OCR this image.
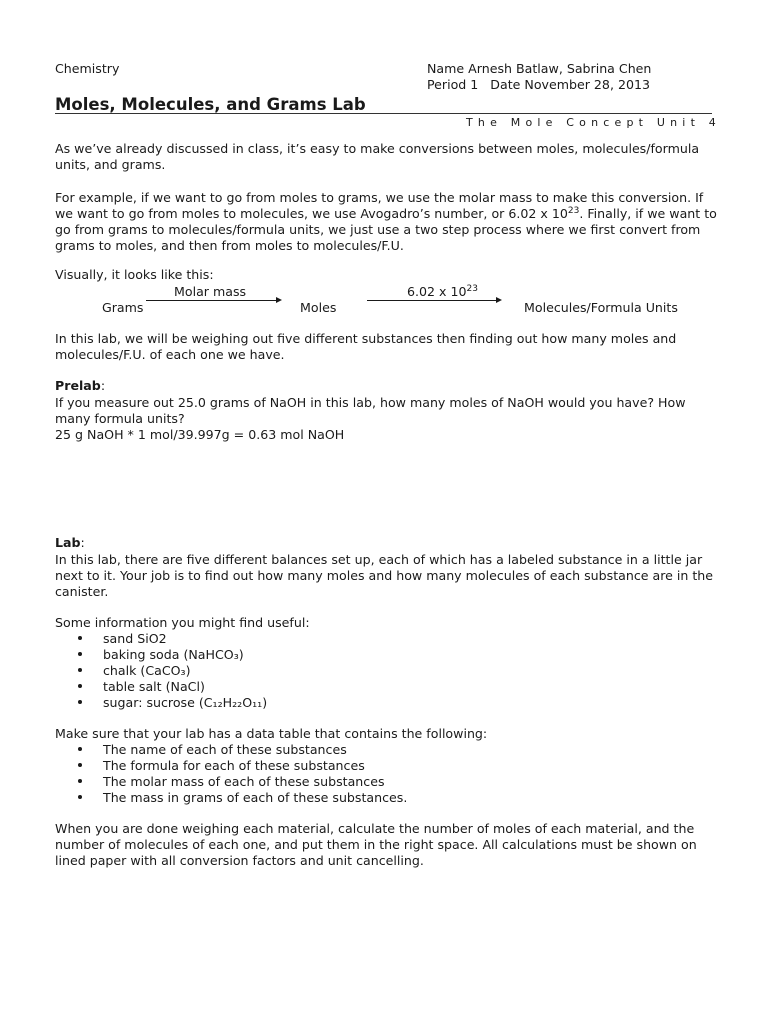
Chemistry	Name Arnesh Batlaw, Sabrina Chen
Period 1   Date November 28, 2013
Moles, Molecules, and Grams Lab
The Mole Concept Unit 4

As we’ve already discussed in class, it’s easy to make conversions between moles, molecules/formula units, and grams.

For example, if we want to go from moles to grams, we use the molar mass to make this conversion. If we want to go from moles to molecules, we use Avogadro’s number, or 6.02 x $10^{23}$. Finally, if we want to go from grams to molecules/formula units, we just use a two step process where we first convert from grams to moles, and then from moles to molecules/F.U.

Visually, it looks like this:

Molar mass	6.02 x $10^{23}$
Grams	Moles	Molecules/Formula Units

In this lab, we will be weighing out five different substances then finding out how many moles and molecules/F.U. of each one we have.

Prelab:

If you measure out 25.0 grams of NaOH in this lab, how many moles of NaOH would you have? How many formula units?

25 g NaOH * 1 mol/39.997g = 0.63 mol NaOH

Lab:

In this lab, there are five different balances set up, each of which has a labeled substance in a little jar next to it. Your job is to find out how many moles and how many molecules of each substance are in the canister.

Some information you might find useful:

sand SiO2
baking soda (NaHCO₃)
chalk (CaCO₃)
table salt (NaCl)
sugar: sucrose (C₁₂H₂₂O₁₁)

Make sure that your lab has a data table that contains the following:

The name of each of these substances
The formula for each of these substances
The molar mass of each of these substances
The mass in grams of each of these substances.

When you are done weighing each material, calculate the number of moles of each material, and the number of molecules of each one, and put them in the right space. All calculations must be shown on lined paper with all conversion factors and unit cancelling.
